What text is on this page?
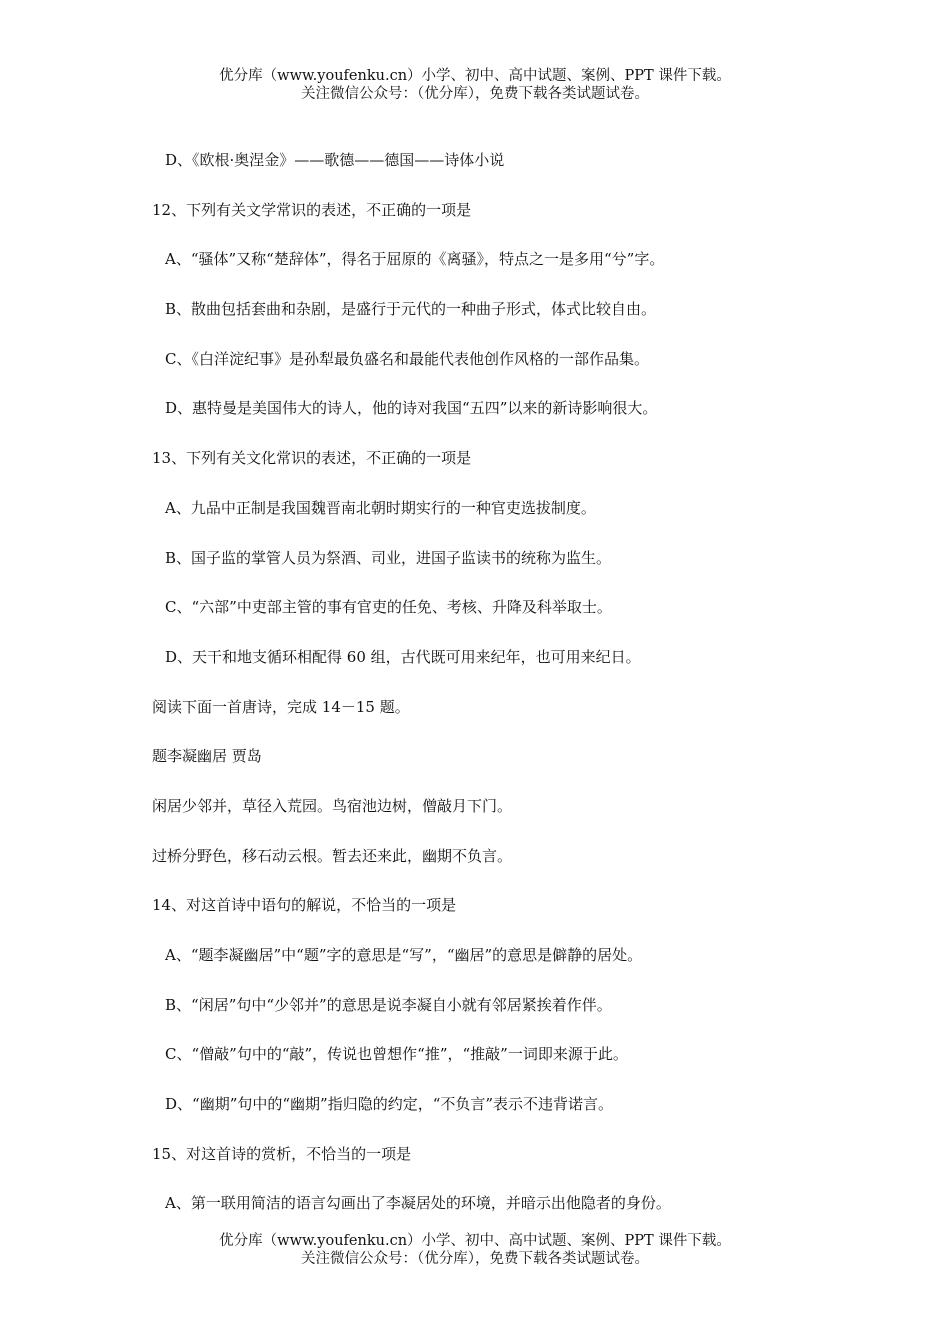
优分库（www.youfenku.cn）小学、初中、高中试题、案例、PPT 课件下载。
关注微信公众号：（优分库），免费下载各类试题试卷。
D、《欧根·奥涅金》——歌德——德国——诗体小说
12、下列有关文学常识的表述，不正确的一项是
A、“骚体”又称“楚辞体”，得名于屈原的《离骚》，特点之一是多用“兮”字。
B、散曲包括套曲和杂剧，是盛行于元代的一种曲子形式，体式比较自由。
C、《白洋淀纪事》是孙犁最负盛名和最能代表他创作风格的一部作品集。
D、惠特曼是美国伟大的诗人，他的诗对我国“五四”以来的新诗影响很大。
13、下列有关文化常识的表述，不正确的一项是
A、九品中正制是我国魏晋南北朝时期实行的一种官吏选拔制度。
B、国子监的掌管人员为祭酒、司业，进国子监读书的统称为监生。
C、“六部”中吏部主管的事有官吏的任免、考核、升降及科举取士。
D、天干和地支循环相配得 60 组，古代既可用来纪年，也可用来纪日。
阅读下面一首唐诗，完成 14－15 题。
题李凝幽居 贾岛
闲居少邻并，草径入荒园。鸟宿池边树，僧敲月下门。
过桥分野色，移石动云根。暂去还来此，幽期不负言。
14、对这首诗中语句的解说，不恰当的一项是
A、“题李凝幽居”中“题”字的意思是“写”，“幽居”的意思是僻静的居处。
B、“闲居”句中“少邻并”的意思是说李凝自小就有邻居紧挨着作伴。
C、“僧敲”句中的“敲”，传说也曾想作“推”，“推敲”一词即来源于此。
D、“幽期”句中的“幽期”指归隐的约定，“不负言”表示不违背诺言。
15、对这首诗的赏析，不恰当的一项是
A、第一联用简洁的语言勾画出了李凝居处的环境，并暗示出他隐者的身份。
优分库（www.youfenku.cn）小学、初中、高中试题、案例、PPT 课件下载。
关注微信公众号：（优分库），免费下载各类试题试卷。
